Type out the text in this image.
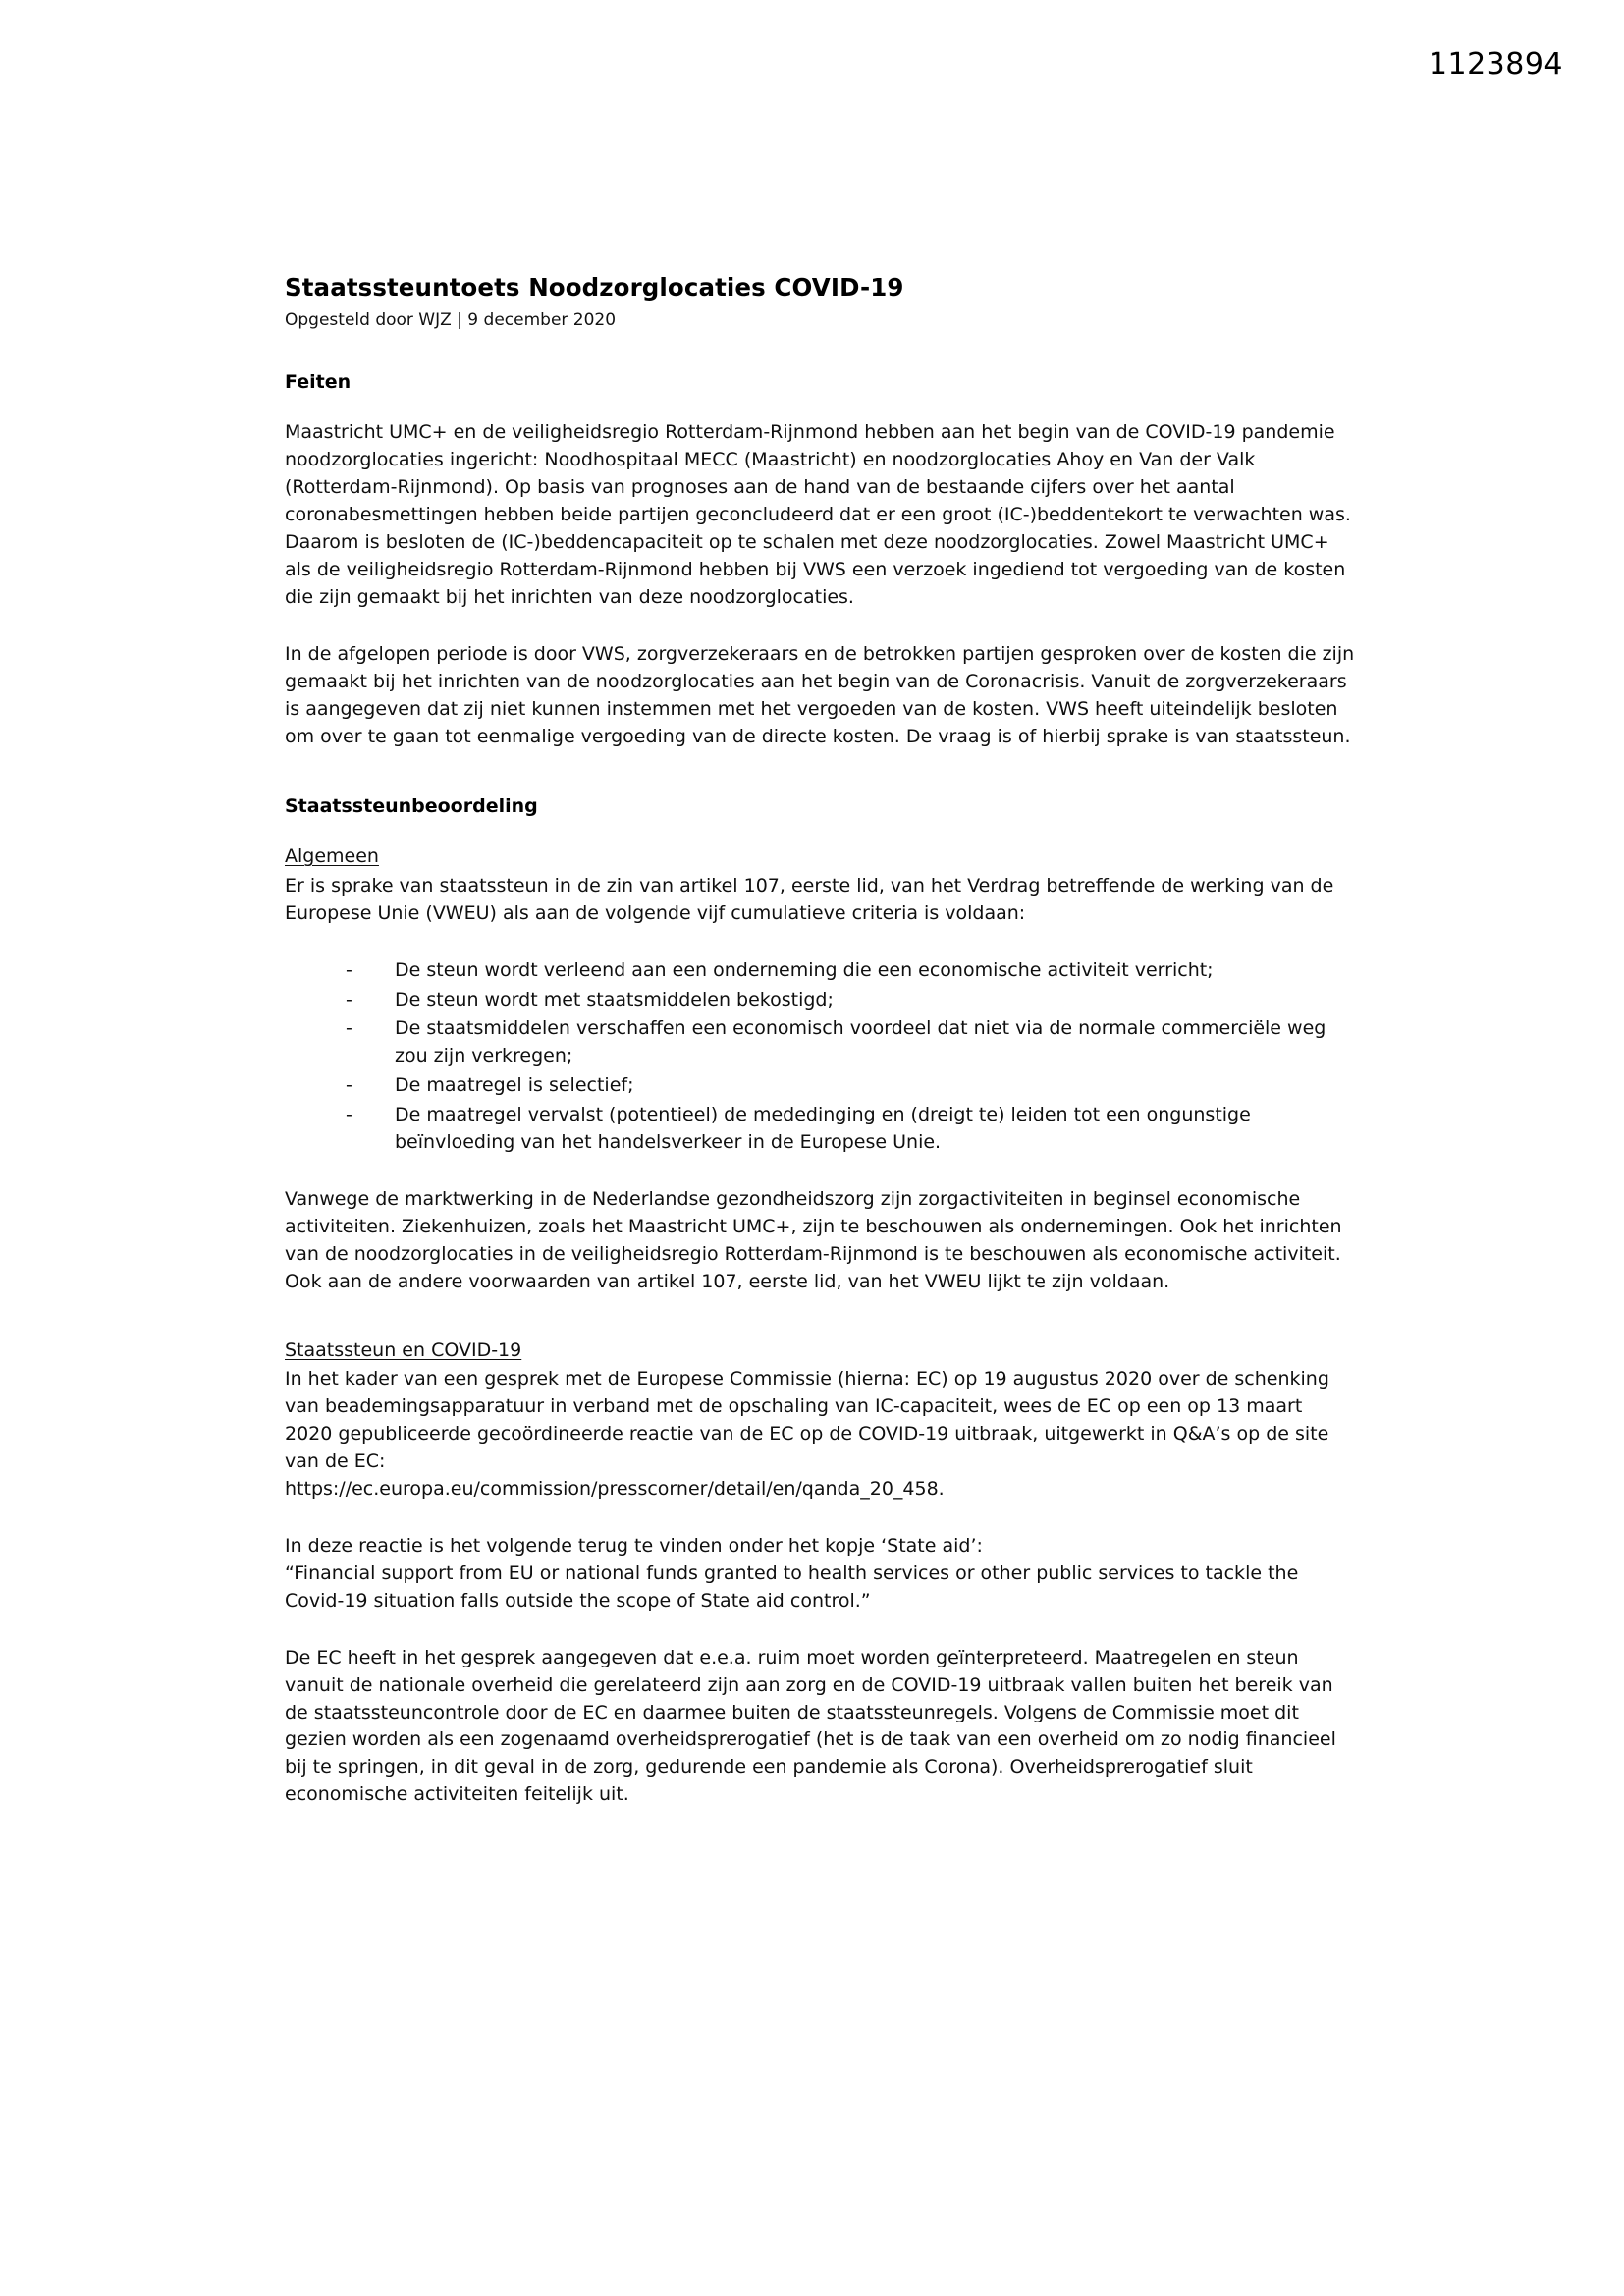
1123894
Staatssteuntoets Noodzorglocaties COVID-19
Opgesteld door WJZ | 9 december 2020
Feiten

Maastricht UMC+ en de veiligheidsregio Rotterdam-Rijnmond hebben aan het begin van de COVID-19 pandemie noodzorglocaties ingericht: Noodhospitaal MECC (Maastricht) en noodzorglocaties Ahoy en Van der Valk (Rotterdam-Rijnmond). Op basis van prognoses aan de hand van de bestaande cijfers over het aantal coronabesmettingen hebben beide partijen geconcludeerd dat er een groot (IC-)beddentekort te verwachten was. Daarom is besloten de (IC-)beddencapaciteit op te schalen met deze noodzorglocaties. Zowel Maastricht UMC+ als de veiligheidsregio Rotterdam-Rijnmond hebben bij VWS een verzoek ingediend tot vergoeding van de kosten die zijn gemaakt bij het inrichten van deze noodzorglocaties.

In de afgelopen periode is door VWS, zorgverzekeraars en de betrokken partijen gesproken over de kosten die zijn gemaakt bij het inrichten van de noodzorglocaties aan het begin van de Coronacrisis. Vanuit de zorgverzekeraars is aangegeven dat zij niet kunnen instemmen met het vergoeden van de kosten. VWS heeft uiteindelijk besloten om over te gaan tot eenmalige vergoeding van de directe kosten. De vraag is of hierbij sprake is van staatssteun.

Staatssteunbeoordeling
Algemeen

Er is sprake van staatssteun in de zin van artikel 107, eerste lid, van het Verdrag betreffende de werking van de Europese Unie (VWEU) als aan de volgende vijf cumulatieve criteria is voldaan:

- De steun wordt verleend aan een onderneming die een economische activiteit verricht;
- De steun wordt met staatsmiddelen bekostigd;
- De staatsmiddelen verschaffen een economisch voordeel dat niet via de normale commerciële weg zou zijn verkregen;
- De maatregel is selectief;
- De maatregel vervalst (potentieel) de mededinging en (dreigt te) leiden tot een ongunstige beïnvloeding van het handelsverkeer in de Europese Unie.

Vanwege de marktwerking in de Nederlandse gezondheidszorg zijn zorgactiviteiten in beginsel economische activiteiten. Ziekenhuizen, zoals het Maastricht UMC+, zijn te beschouwen als ondernemingen. Ook het inrichten van de noodzorglocaties in de veiligheidsregio Rotterdam-Rijnmond is te beschouwen als economische activiteit. Ook aan de andere voorwaarden van artikel 107, eerste lid, van het VWEU lijkt te zijn voldaan.

Staatssteun en COVID-19

In het kader van een gesprek met de Europese Commissie (hierna: EC) op 19 augustus 2020 over de schenking van beademingsapparatuur in verband met de opschaling van IC-capaciteit, wees de EC op een op 13 maart 2020 gepubliceerde gecoördineerde reactie van de EC op de COVID-19 uitbraak, uitgewerkt in Q&A’s op de site van de EC:

https://ec.europa.eu/commission/presscorner/detail/en/qanda_20_458.

In deze reactie is het volgende terug te vinden onder het kopje ‘State aid’:

“Financial support from EU or national funds granted to health services or other public services to tackle the Covid-19 situation falls outside the scope of State aid control.”

De EC heeft in het gesprek aangegeven dat e.e.a. ruim moet worden geïnterpreteerd. Maatregelen en steun vanuit de nationale overheid die gerelateerd zijn aan zorg en de COVID-19 uitbraak vallen buiten het bereik van de staatssteuncontrole door de EC en daarmee buiten de staatssteunregels. Volgens de Commissie moet dit gezien worden als een zogenaamd overheidsprerogatief (het is de taak van een overheid om zo nodig financieel bij te springen, in dit geval in de zorg, gedurende een pandemie als Corona). Overheidsprerogatief sluit economische activiteiten feitelijk uit.
